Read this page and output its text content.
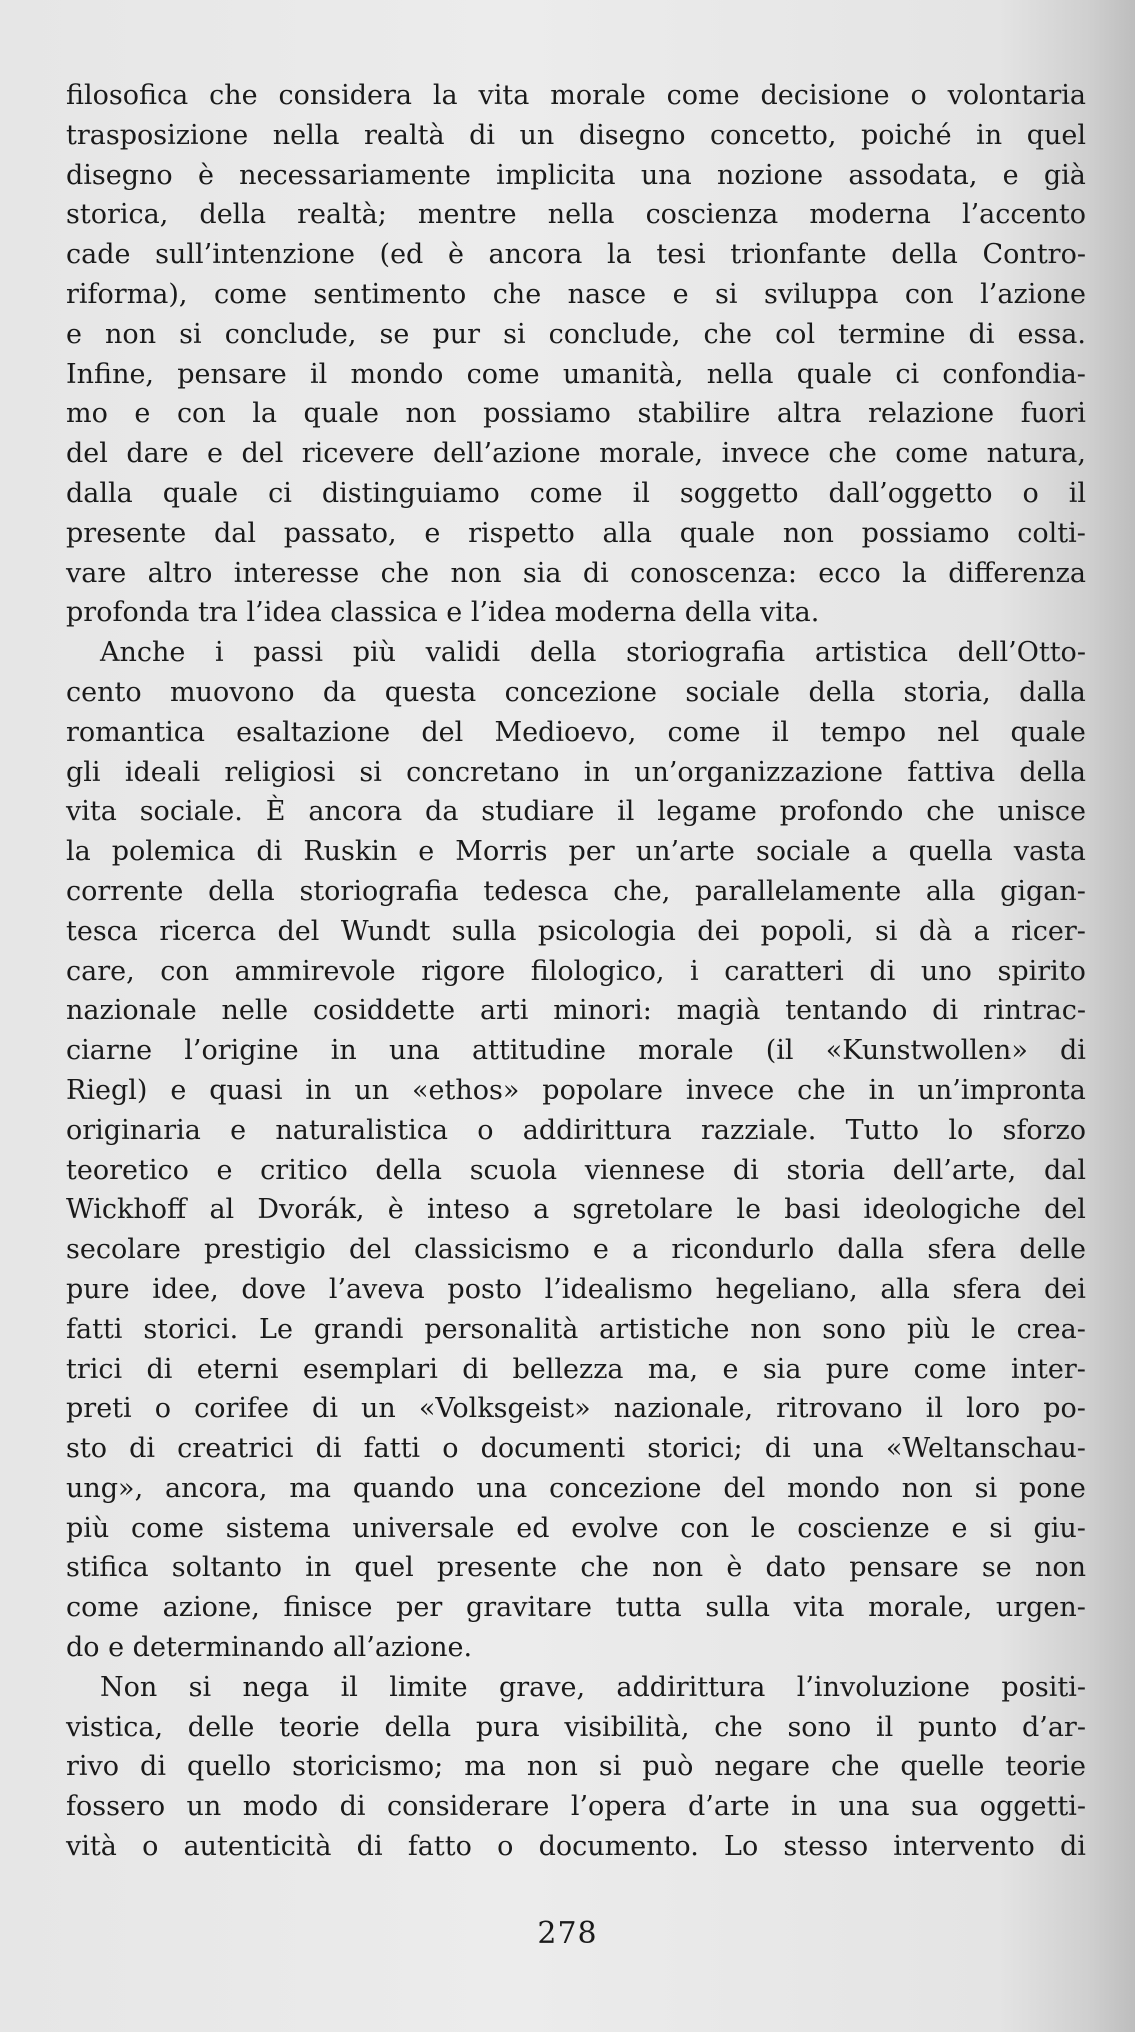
filosofica che considera la vita morale come decisione o volontaria
trasposizione nella realtà di un disegno concetto, poiché in quel
disegno è necessariamente implicita una nozione assodata, e già
storica, della realtà; mentre nella coscienza moderna l’accento
cade sull’intenzione (ed è ancora la tesi trionfante della Contro-
riforma), come sentimento che nasce e si sviluppa con l’azione
e non si conclude, se pur si conclude, che col termine di essa.
Infine, pensare il mondo come umanità, nella quale ci confondia-
mo e con la quale non possiamo stabilire altra relazione fuori
del dare e del ricevere dell’azione morale, invece che come natura,
dalla quale ci distinguiamo come il soggetto dall’oggetto o il
presente dal passato, e rispetto alla quale non possiamo colti-
vare altro interesse che non sia di conoscenza: ecco la differenza
profonda tra l’idea classica e l’idea moderna della vita.
Anche i passi più validi della storiografia artistica dell’Otto-
cento muovono da questa concezione sociale della storia, dalla
romantica esaltazione del Medioevo, come il tempo nel quale
gli ideali religiosi si concretano in un’organizzazione fattiva della
vita sociale. È ancora da studiare il legame profondo che unisce
la polemica di Ruskin e Morris per un’arte sociale a quella vasta
corrente della storiografia tedesca che, parallelamente alla gigan-
tesca ricerca del Wundt sulla psicologia dei popoli, si dà a ricer-
care, con ammirevole rigore filologico, i caratteri di uno spirito
nazionale nelle cosiddette arti minori: magià tentando di rintrac-
ciarne l’origine in una attitudine morale (il «Kunstwollen» di
Riegl) e quasi in un «ethos» popolare invece che in un’impronta
originaria e naturalistica o addirittura razziale. Tutto lo sforzo
teoretico e critico della scuola viennese di storia dell’arte, dal
Wickhoff al Dvorák, è inteso a sgretolare le basi ideologiche del
secolare prestigio del classicismo e a ricondurlo dalla sfera delle
pure idee, dove l’aveva posto l’idealismo hegeliano, alla sfera dei
fatti storici. Le grandi personalità artistiche non sono più le crea-
trici di eterni esemplari di bellezza ma, e sia pure come inter-
preti o corifee di un «Volksgeist» nazionale, ritrovano il loro po-
sto di creatrici di fatti o documenti storici; di una «Weltanschau-
ung», ancora, ma quando una concezione del mondo non si pone
più come sistema universale ed evolve con le coscienze e si giu-
stifica soltanto in quel presente che non è dato pensare se non
come azione, finisce per gravitare tutta sulla vita morale, urgen-
do e determinando all’azione.
Non si nega il limite grave, addirittura l’involuzione positi-
vistica, delle teorie della pura visibilità, che sono il punto d’ar-
rivo di quello storicismo; ma non si può negare che quelle teorie
fossero un modo di considerare l’opera d’arte in una sua oggetti-
vità o autenticità di fatto o documento. Lo stesso intervento di
278
